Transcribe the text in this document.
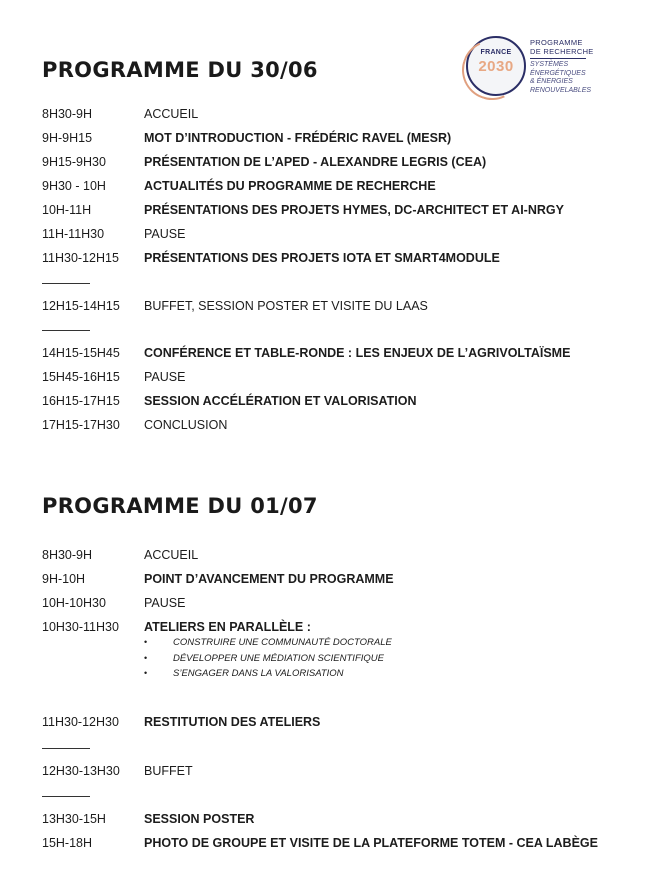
FRANCE
2030
PROGRAMME
DE RECHERCHE
SYSTÈMES
ÉNERGÉTIQUES
& ÉNERGIES
RENOUVELABLES
PROGRAMME DU 30/06
8H30-9H	ACCUEIL
9H-9H15	MOT D’INTRODUCTION - FRÉDÉRIC RAVEL (MESR)
9H15-9H30	PRÉSENTATION DE L’APED - ALEXANDRE LEGRIS (CEA)
9H30 - 10H	ACTUALITÉS DU PROGRAMME DE RECHERCHE
10H-11H	PRÉSENTATIONS DES PROJETS HYMES, DC-ARCHITECT ET AI-NRGY
11H-11H30	PAUSE
11H30-12H15 PRÉSENTATIONS DES PROJETS IOTA ET SMART4MODULE
12H15-14H15 BUFFET, SESSION POSTER ET VISITE DU LAAS
14H15-15H45 CONFÉRENCE ET TABLE-RONDE : LES ENJEUX DE L’AGRIVOLTAÏSME
15H45-16H15 PAUSE
16H15-17H15 SESSION ACCÉLÉRATION ET VALORISATION
17H15-17H30 CONCLUSION
PROGRAMME DU 01/07
8H30-9H	ACCUEIL
9H-10H	POINT D’AVANCEMENT DU PROGRAMME
10H-10H30	PAUSE
10H30-11H30 ATELIERS EN PARALLÈLE :
•	CONSTRUIRE UNE COMMUNAUTÉ DOCTORALE
•	DÉVELOPPER UNE MÉDIATION SCIENTIFIQUE
•	S’ENGAGER DANS LA VALORISATION
11H30-12H30 RESTITUTION DES ATELIERS
12H30-13H30 BUFFET
13H30-15H	SESSION POSTER
15H-18H	PHOTO DE GROUPE ET VISITE DE LA PLATEFORME TOTEM - CEA LABÈGE
